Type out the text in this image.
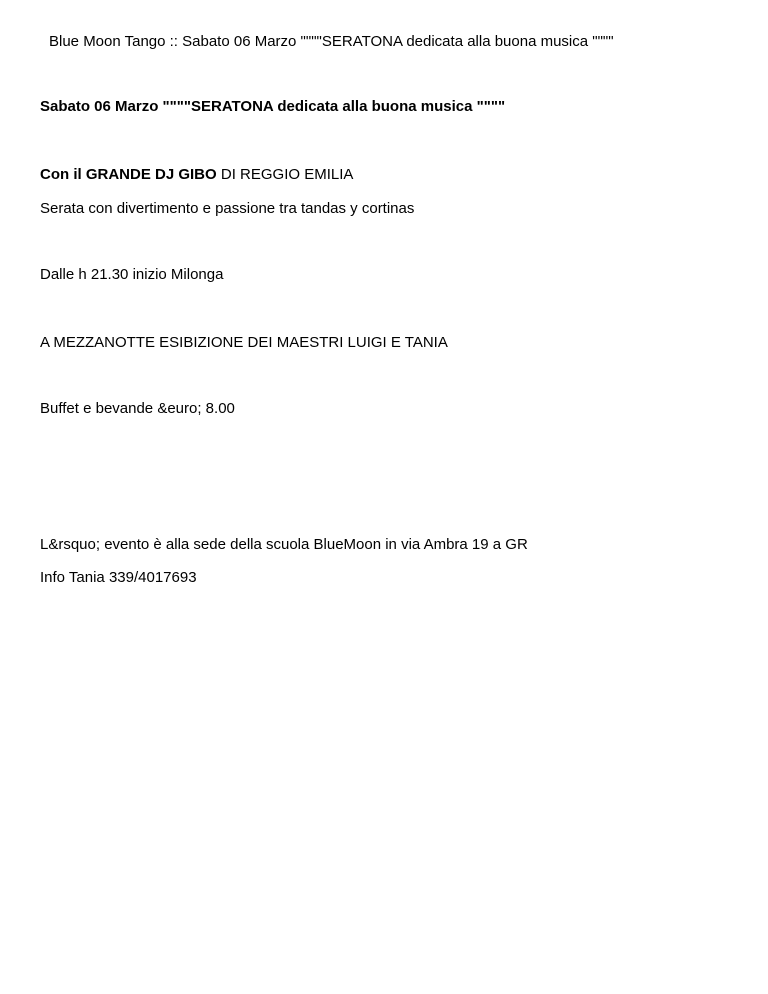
Blue Moon Tango :: Sabato 06 Marzo """"SERATONA dedicata alla buona musica """"
Sabato 06 Marzo """"SERATONA dedicata alla buona musica """"
Con il GRANDE DJ GIBO DI REGGIO EMILIA
Serata con divertimento e passione tra tandas y cortinas
Dalle h 21.30 inizio Milonga
A MEZZANOTTE ESIBIZIONE DEI MAESTRI LUIGI E TANIA
Buffet e bevande &euro; 8.00
L&rsquo; evento è alla sede della scuola BlueMoon in via Ambra 19 a GR
Info Tania 339/4017693
